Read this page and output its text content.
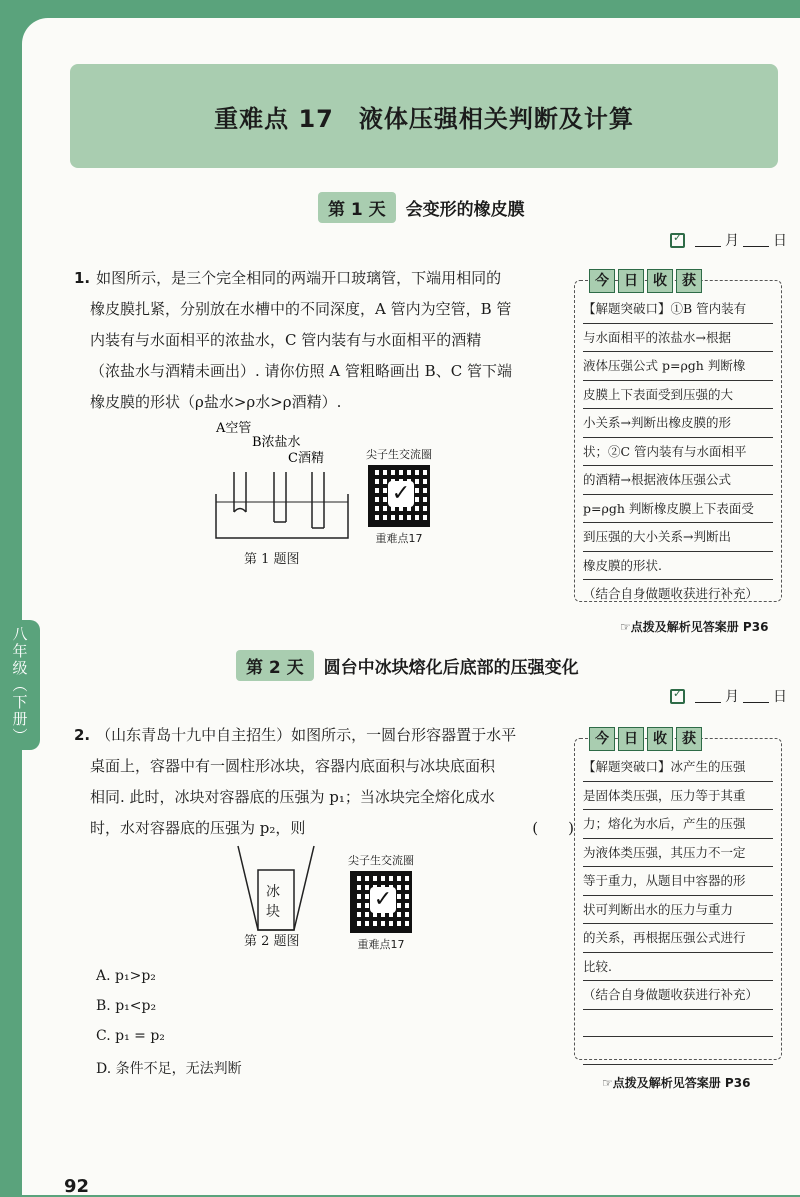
重难点 17　液体压强相关判断及计算
第 1 天	会变形的橡皮膜
✓
月 日
1. 如图所示，是三个完全相同的两端开口玻璃管，下端用相同的
橡皮膜扎紧，分别放在水槽中的不同深度，A 管内为空管，B 管
内装有与水面相平的浓盐水，C 管内装有与水面相平的酒精
（浓盐水与酒精未画出）. 请你仿照 A 管粗略画出 B、C 管下端
橡皮膜的形状（ρ盐水>ρ水>ρ酒精）.
A空管
B浓盐水
C酒精
第 1 题图
尖子生交流圈
✓
重难点17
今	日	收	获
【解题突破口】①B 管内装有
与水面相平的浓盐水→根据
液体压强公式 p=ρgh 判断橡
皮膜上下表面受到压强的大
小关系→判断出橡皮膜的形
状；②C 管内装有与水面相平
的酒精→根据液体压强公式
p=ρgh 判断橡皮膜上下表面受
到压强的大小关系→判断出
橡皮膜的形状.
（结合自身做题收获进行补充）
☞点拨及解析见答案册 P36
八年级（下册）	第 2 天	圆台中冰块熔化后底部的压强变化
✓
月 日
2. （山东青岛十九中自主招生）如图所示，一圆台形容器置于水平
桌面上，容器中有一圆柱形冰块，容器内底面积与冰块底面积
相同. 此时，冰块对容器底的压强为 p₁；当冰块完全熔化成水
时，水对容器底的压强为 p₂，则	(　　)
冰块
第 2 题图
尖子生交流圈
✓
重难点17
A. p₁>p₂
B. p₁<p₂
C. p₁ = p₂
D. 条件不足，无法判断
今	日	收	获
【解题突破口】冰产生的压强
是固体类压强，压力等于其重
力；熔化为水后，产生的压强
为液体类压强，其压力不一定
等于重力，从题目中容器的形
状可判断出水的压力与重力
的关系，再根据压强公式进行
比较.
（结合自身做题收获进行补充）
☞点拨及解析见答案册 P36
92
